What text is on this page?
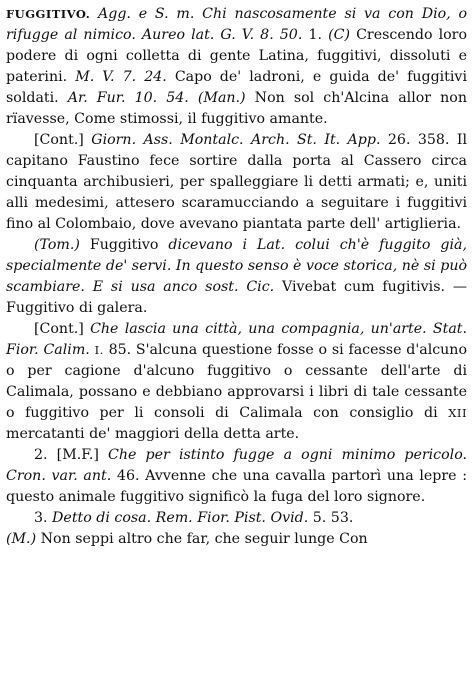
FUGGITIVO. Agg. e S. m. Chi nascosamente si va con Dio, o rifugge al nimico. Aureo lat. G. V. 8. 50. 1. (C) Crescendo loro podere di ogni colletta di gente Latina, fuggitivi, dissoluti e paterini. M. V. 7. 24. Capo de' ladroni, e guida de' fuggitivi soldati. Ar. Fur. 10. 54. (Man.) Non sol ch'Alcina allor non rïavesse, Come stimossi, il fuggitivo amante.

[Cont.] Giorn. Ass. Montalc. Arch. St. It. App. 26. 358. Il capitano Faustino fece sortire dalla porta al Cassero circa cinquanta archibusieri, per spalleggiare li detti armati; e, uniti alli medesimi, attesero scaramucciando a seguitare i fuggitivi fino al Colombaio, dove avevano piantata parte dell' artiglieria.

(Tom.) Fuggitivo dicevano i Lat. colui ch'è fuggito già, specialmente de' servi. In questo senso è voce storica, nè si può scambiare. E si usa anco sost. Cic. Vivebat cum fugitivis. — Fuggitivo di galera.

[Cont.] Che lascia una città, una compagnia, un'arte. Stat. Fior. Calim. I. 85. S'alcuna questione fosse o si facesse d'alcuno o per cagione d'alcuno fuggitivo o cessante dell'arte di Calimala, possano e debbiano approvarsi i libri di tale cessante o fuggitivo per li consoli di Calimala con consiglio di XII mercatanti de' maggiori della detta arte.

2. [M.F.] Che per istinto fugge a ogni minimo pericolo. Cron. var. ant. 46. Avvenne che una cavalla partorì una lepre : questo animale fuggitivo significò la fuga del loro signore.

3. Detto di cosa. Rem. Fior. Pist. Ovid. 5. 53.

(M.) Non seppi altro che far, che seguir lunge Con
